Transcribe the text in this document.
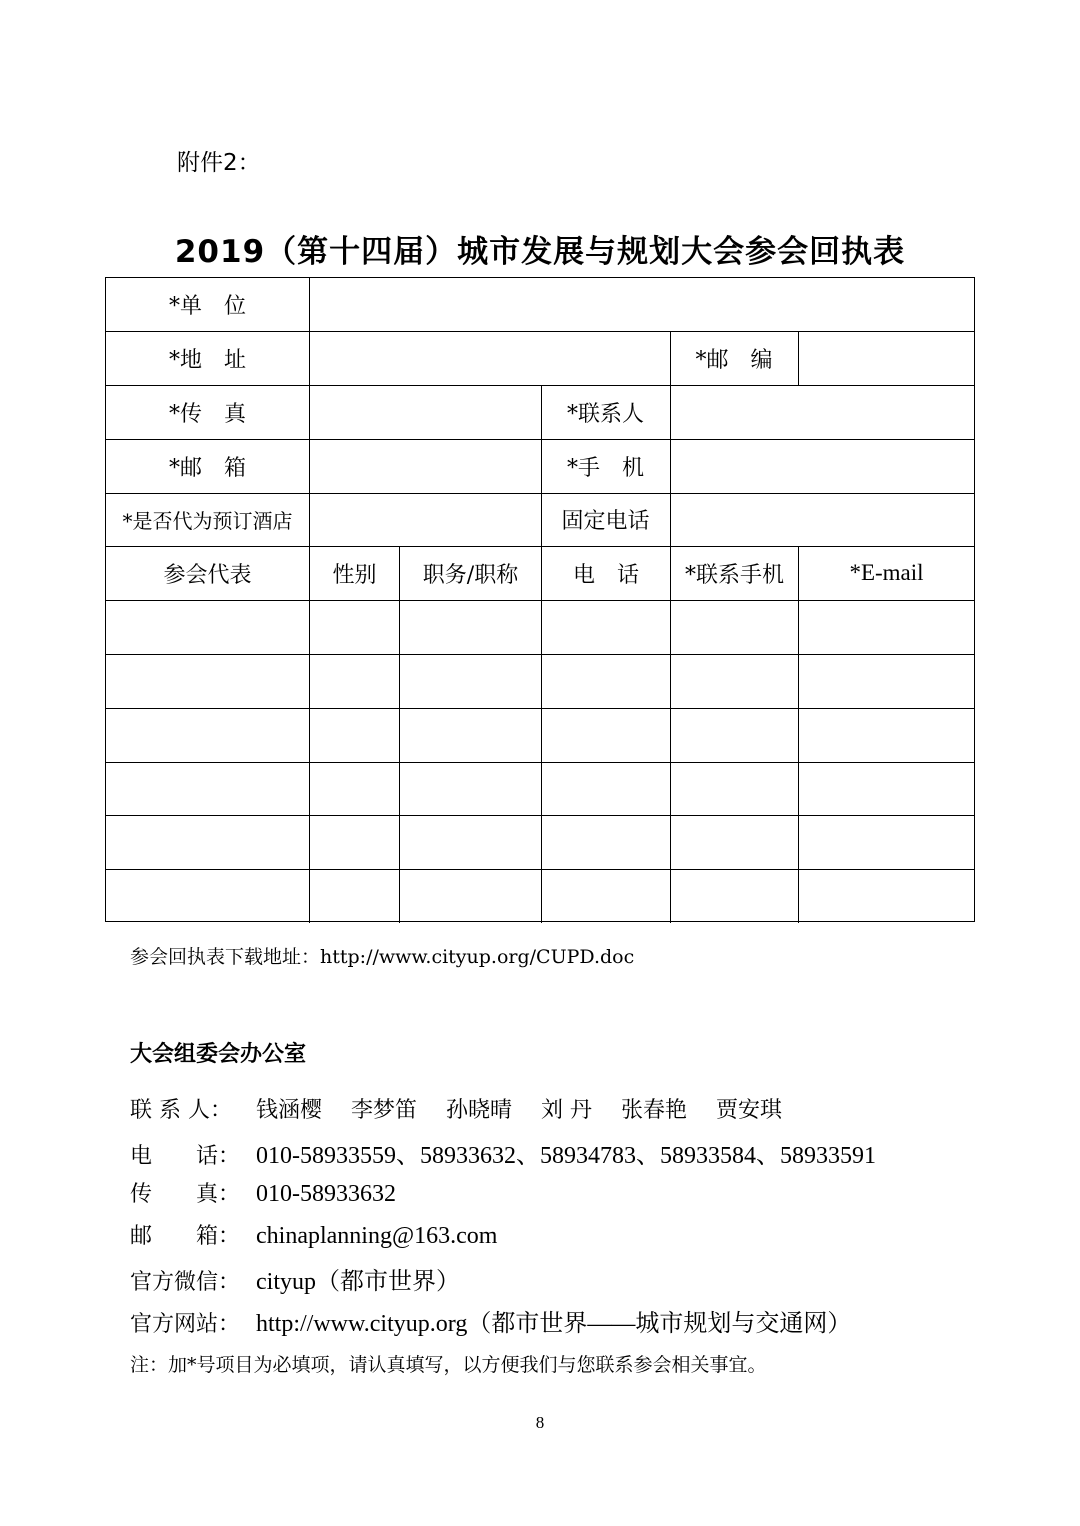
附件2：
2019（第十四届）城市发展与规划大会参会回执表
*单　位
*地　址	*邮　编
*传　真	*联系人
*邮　箱	*手　机
*是否代为预订酒店	固定电话
参会代表	性别	职务/职称	电　话	*联系手机	*E-mail
参会回执表下载地址：http://www.cityup.org/CUPD.doc
大会组委会办公室
联 系 人： 钱涵樱　 李梦笛　 孙晓晴　 刘 丹　 张春艳　 贾安琪
电　　话： 010-58933559、58933632、58934783、58933584、58933591
传　　真： 010-58933632
邮　　箱： chinaplanning@163.com
官方微信： cityup（都市世界）
官方网站： http://www.cityup.org（都市世界——城市规划与交通网）
注：加*号项目为必填项，请认真填写，以方便我们与您联系参会相关事宜。
8
